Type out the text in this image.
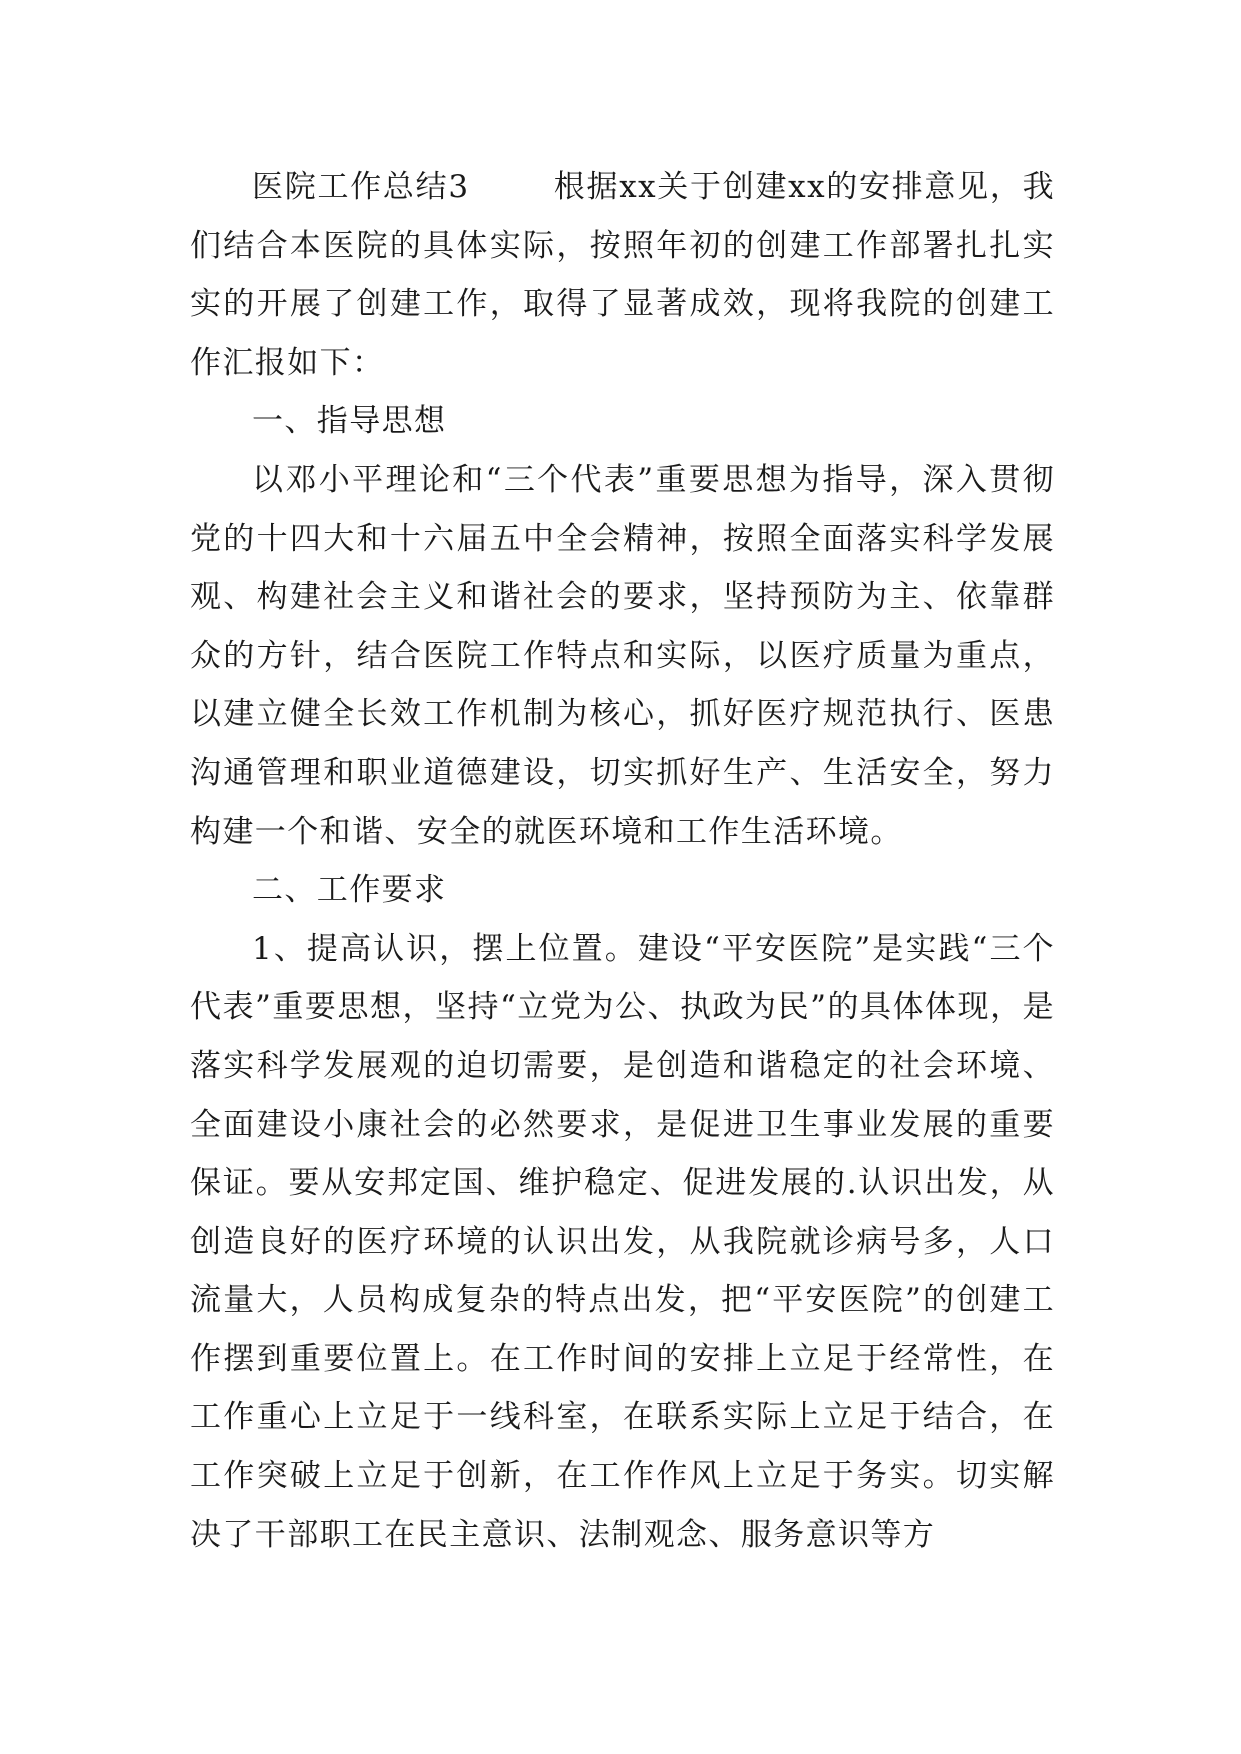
医院工作总结3	根据xx关于创建xx的安排意见，我们结合本医院的具体实际，按照年初的创建工作部署扎扎实实的开展了创建工作，取得了显著成效，现将我院的创建工作汇报如下：

一、指导思想

以邓小平理论和“三个代表”重要思想为指导，深入贯彻党的十四大和十六届五中全会精神，按照全面落实科学发展观、构建社会主义和谐社会的要求，坚持预防为主、依靠群众的方针，结合医院工作特点和实际，以医疗质量为重点，以建立健全长效工作机制为核心，抓好医疗规范执行、医患沟通管理和职业道德建设，切实抓好生产、生活安全，努力构建一个和谐、安全的就医环境和工作生活环境。

二、工作要求

1、提高认识，摆上位置。建设“平安医院”是实践“三个代表”重要思想，坚持“立党为公、执政为民”的具体体现，是落实科学发展观的迫切需要，是创造和谐稳定的社会环境、全面建设小康社会的必然要求，是促进卫生事业发展的重要保证。要从安邦定国、维护稳定、促进发展的.认识出发，从创造良好的医疗环境的认识出发，从我院就诊病号多，人口流量大，人员构成复杂的特点出发，把“平安医院”的创建工作摆到重要位置上。在工作时间的安排上立足于经常性，在工作重心上立足于一线科室，在联系实际上立足于结合，在工作突破上立足于创新，在工作作风上立足于务实。切实解决了干部职工在民主意识、法制观念、服务意识等方
